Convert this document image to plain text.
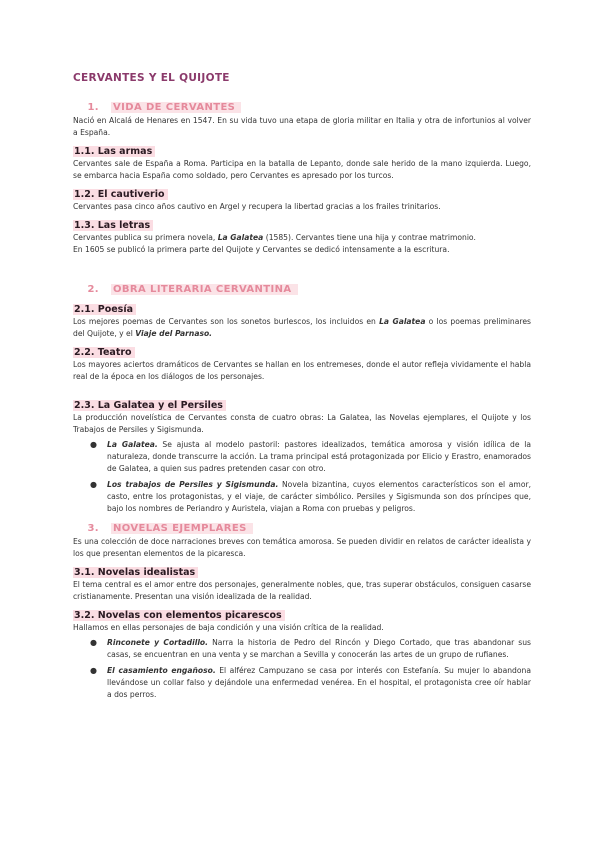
CERVANTES Y EL QUIJOTE
1. VIDA DE CERVANTES

Nació en Alcalá de Henares en 1547. En su vida tuvo una etapa de gloria militar en Italia y otra de infortunios al volver a España.

1.1. Las armas

Cervantes sale de España a Roma. Participa en la batalla de Lepanto, donde sale herido de la mano izquierda. Luego, se embarca hacia España como soldado, pero Cervantes es apresado por los turcos.

1.2. El cautiverio

Cervantes pasa cinco años cautivo en Argel y recupera la libertad gracias a los frailes trinitarios.

1.3. Las letras

Cervantes publica su primera novela, La Galatea (1585). Cervantes tiene una hija y contrae matrimonio.

En 1605 se publicó la primera parte del Quijote y Cervantes se dedicó intensamente a la escritura.

2. OBRA LITERARIA CERVANTINA
2.1. Poesía

Los mejores poemas de Cervantes son los sonetos burlescos, los incluidos en La Galatea o los poemas preliminares del Quijote, y el Viaje del Parnaso.

2.2. Teatro

Los mayores aciertos dramáticos de Cervantes se hallan en los entremeses, donde el autor refleja vividamente el habla real de la época en los diálogos de los personajes.

2.3. La Galatea y el Persiles

La producción novelística de Cervantes consta de cuatro obras: La Galatea, las Novelas ejemplares, el Quijote y los Trabajos de Persiles y Sigismunda.

● La Galatea. Se ajusta al modelo pastoril: pastores idealizados, temática amorosa y visión idílica de la naturaleza, donde transcurre la acción. La trama principal está protagonizada por Elicio y Erastro, enamorados de Galatea, a quien sus padres pretenden casar con otro.
● Los trabajos de Persiles y Sigismunda. Novela bizantina, cuyos elementos característicos son el amor, casto, entre los protagonistas, y el viaje, de carácter simbólico. Persiles y Sigismunda son dos príncipes que, bajo los nombres de Periandro y Auristela, viajan a Roma con pruebas y peligros.
3. NOVELAS EJEMPLARES

Es una colección de doce narraciones breves con temática amorosa. Se pueden dividir en relatos de carácter idealista y los que presentan elementos de la picaresca.

3.1. Novelas idealistas

El tema central es el amor entre dos personajes, generalmente nobles, que, tras superar obstáculos, consiguen casarse cristianamente. Presentan una visión idealizada de la realidad.

3.2. Novelas con elementos picarescos

Hallamos en ellas personajes de baja condición y una visión crítica de la realidad.

● Rinconete y Cortadillo. Narra la historia de Pedro del Rincón y Diego Cortado, que tras abandonar sus casas, se encuentran en una venta y se marchan a Sevilla y conocerán las artes de un grupo de rufianes.
● El casamiento engañoso. El alférez Campuzano se casa por interés con Estefanía. Su mujer lo abandona llevándose un collar falso y dejándole una enfermedad venérea. En el hospital, el protagonista cree oír hablar a dos perros.
